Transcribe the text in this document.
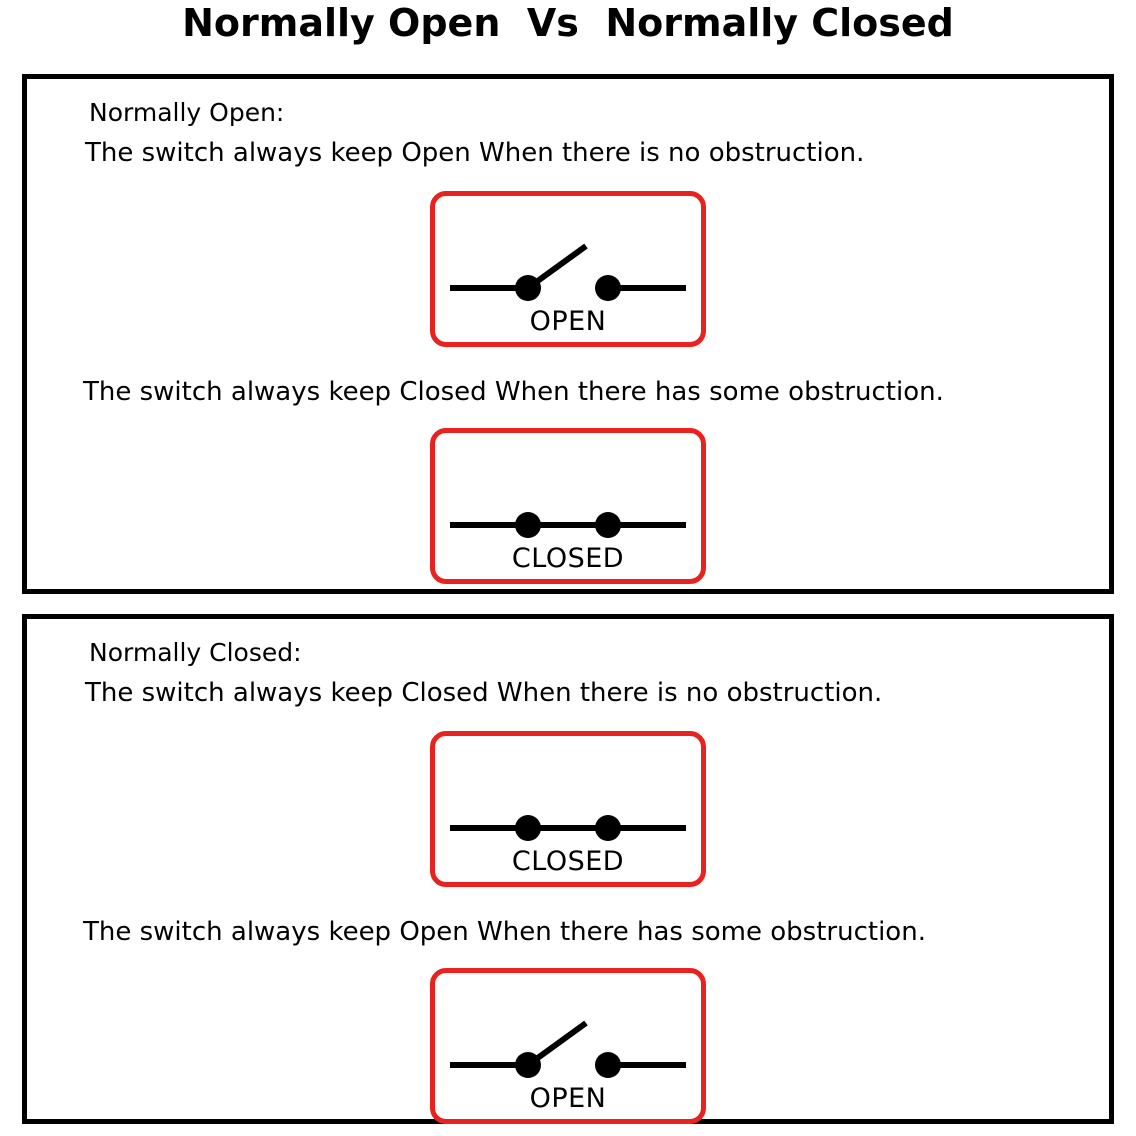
Normally Open  Vs  Normally Closed
Normally Open:
The switch always keep Open When there is no obstruction.
OPEN
The switch always keep Closed When there has some obstruction.
CLOSED
Normally Closed:
The switch always keep Closed When there is no obstruction.
CLOSED
The switch always keep Open When there has some obstruction.
OPEN
